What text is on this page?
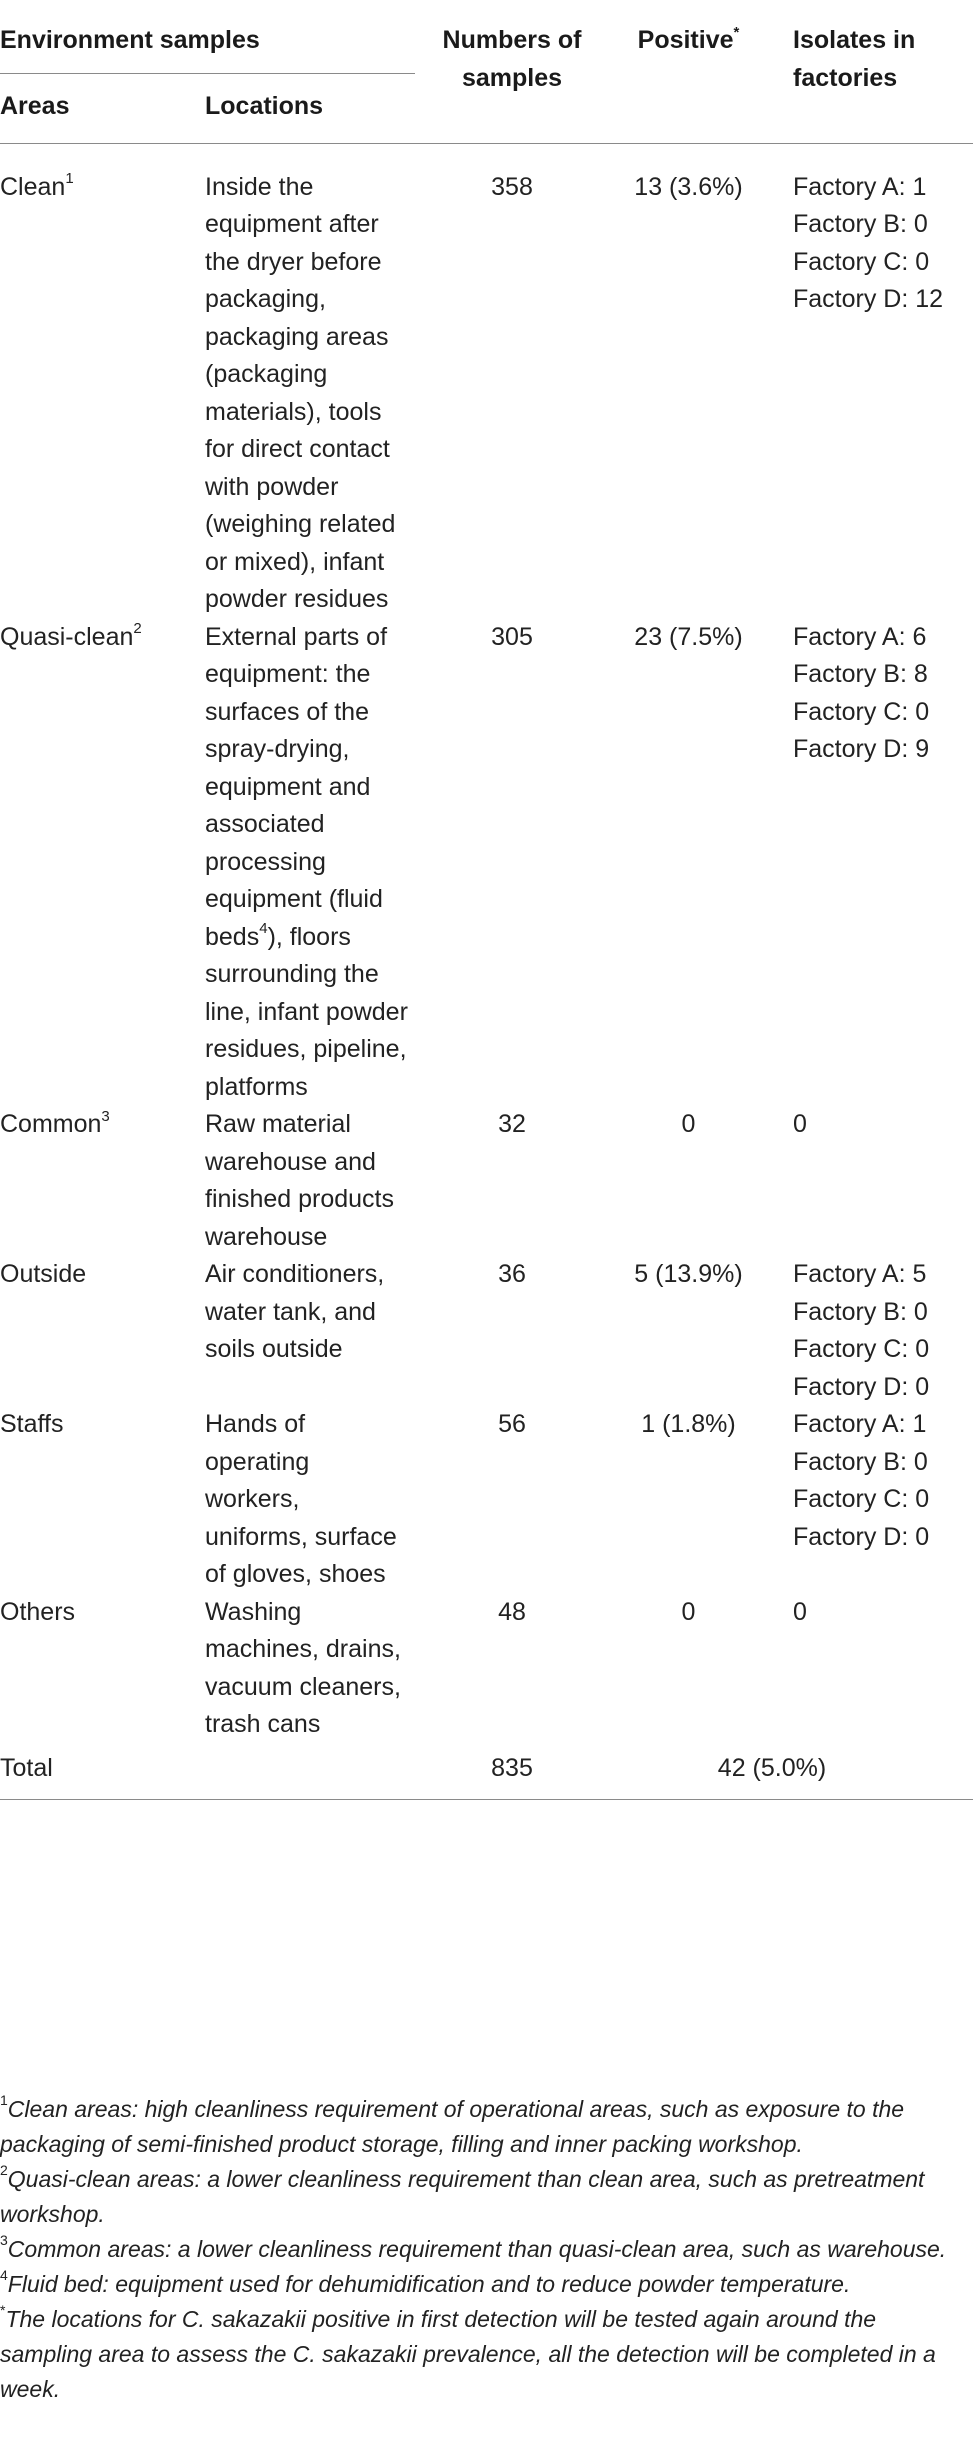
Environment samples		Numbers of samples	Positive*	Isolates in factories
Areas	Locations			

Clean$^1$	Inside the equipment after the dryer before packaging, packaging areas (packaging materials), tools for direct contact with powder (weighing related or mixed), infant powder residues	358	13 (3.6%)	Factory A: 1
Factory B: 0
Factory C: 0
Factory D: 12

Quasi-clean$^2$	External parts of equipment: the surfaces of the spray-drying, equipment and associated processing equipment (fluid beds$^4$), floors surrounding the line, infant powder residues, pipeline, platforms	305	23 (7.5%)	Factory A: 6
Factory B: 8
Factory C: 0
Factory D: 9

Common$^3$	Raw material warehouse and finished products warehouse	32	0	0

Outside	Air conditioners, water tank, and soils outside	36	5 (13.9%)	Factory A: 5
Factory B: 0
Factory C: 0
Factory D: 0

Staffs	Hands of operating workers, uniforms, surface of gloves, shoes	56	1 (1.8%)	Factory A: 1
Factory B: 0
Factory C: 0
Factory D: 0

Others	Washing machines, drains, vacuum cleaners, trash cans	48	0	0

Total		835	42 (5.0%)	

$^1$Clean areas: high cleanliness requirement of operational areas, such as exposure to the packaging of semi-finished product storage, filling and inner packing workshop.

$^2$Quasi-clean areas: a lower cleanliness requirement than clean area, such as pretreatment workshop.

$^3$Common areas: a lower cleanliness requirement than quasi-clean area, such as warehouse.

$^4$Fluid bed: equipment used for dehumidification and to reduce powder temperature.

*The locations for C. sakazakii positive in first detection will be tested again around the sampling area to assess the C. sakazakii prevalence, all the detection will be completed in a week.
